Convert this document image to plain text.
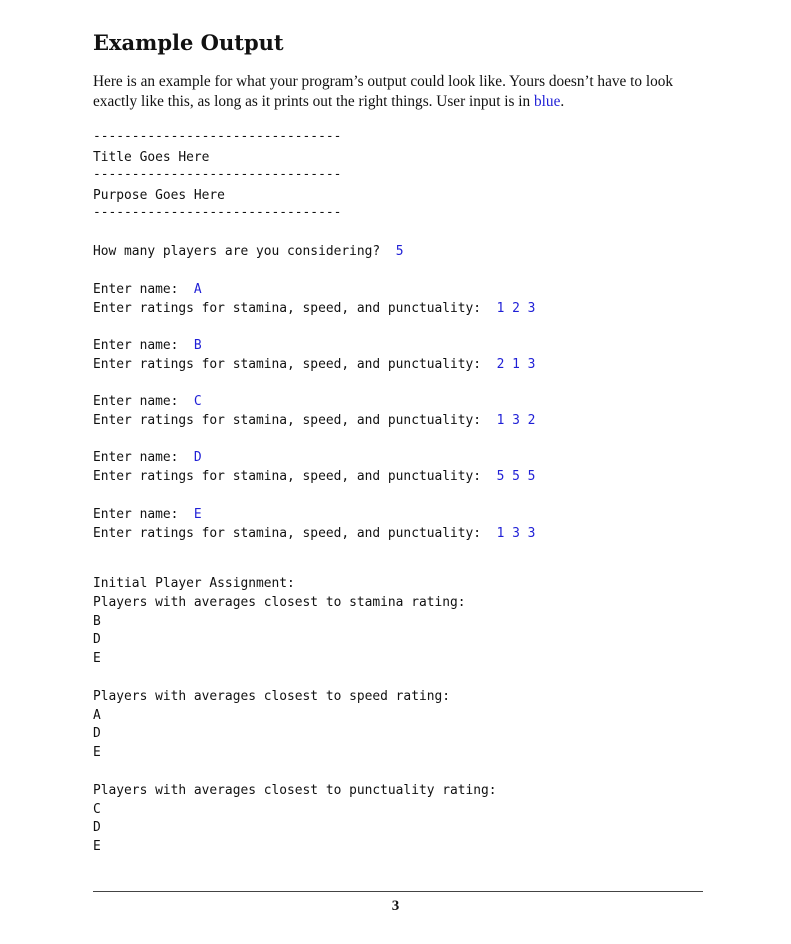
Example Output
Here is an example for what your program’s output could look like. Yours doesn’t have to look exactly like this, as long as it prints out the right things. User input is in blue.
--------------------------------
Title Goes Here
--------------------------------
Purpose Goes Here
--------------------------------
How many players are you considering? 5
Enter name: A
Enter ratings for stamina, speed, and punctuality: 1 2 3
Enter name: B
Enter ratings for stamina, speed, and punctuality: 2 1 3
Enter name: C
Enter ratings for stamina, speed, and punctuality: 1 3 2
Enter name: D
Enter ratings for stamina, speed, and punctuality: 5 5 5
Enter name: E
Enter ratings for stamina, speed, and punctuality: 1 3 3
Initial Player Assignment:
Players with averages closest to stamina rating:
B
D
E
Players with averages closest to speed rating:
A
D
E
Players with averages closest to punctuality rating:
C
D
E
3
